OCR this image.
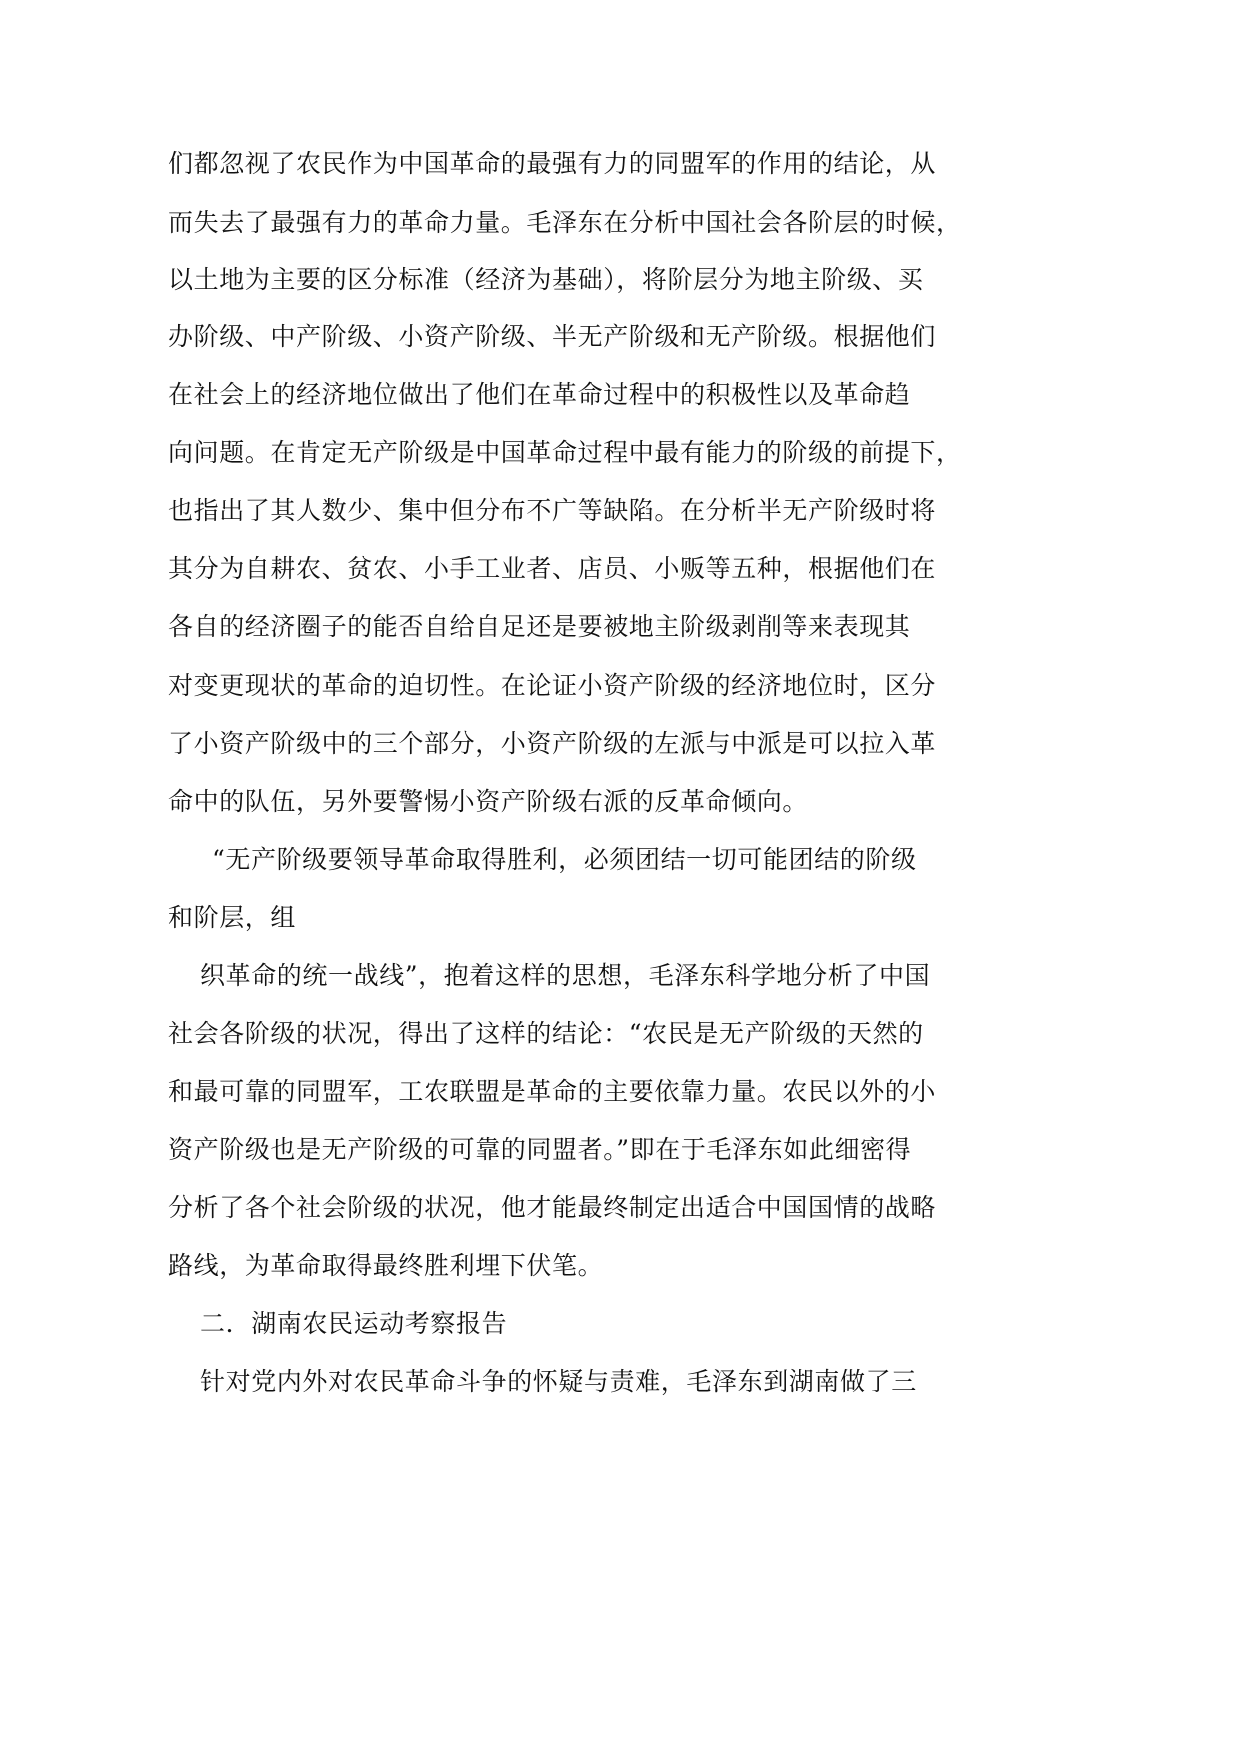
们都忽视了农民作为中国革命的最强有力的同盟军的作用的结论，从

而失去了最强有力的革命力量。毛泽东在分析中国社会各阶层的时候，

以土地为主要的区分标准（经济为基础），将阶层分为地主阶级、买

办阶级、中产阶级、小资产阶级、半无产阶级和无产阶级。根据他们

在社会上的经济地位做出了他们在革命过程中的积极性以及革命趋

向问题。在肯定无产阶级是中国革命过程中最有能力的阶级的前提下，

也指出了其人数少、集中但分布不广等缺陷。在分析半无产阶级时将

其分为自耕农、贫农、小手工业者、店员、小贩等五种，根据他们在

各自的经济圈子的能否自给自足还是要被地主阶级剥削等来表现其

对变更现状的革命的迫切性。在论证小资产阶级的经济地位时，区分

了小资产阶级中的三个部分，小资产阶级的左派与中派是可以拉入革

命中的队伍，另外要警惕小资产阶级右派的反革命倾向。

“无产阶级要领导革命取得胜利，必须团结一切可能团结的阶级

和阶层，组

织革命的统一战线”，抱着这样的思想，毛泽东科学地分析了中国

社会各阶级的状况，得出了这样的结论：“农民是无产阶级的天然的

和最可靠的同盟军，工农联盟是革命的主要依靠力量。农民以外的小

资产阶级也是无产阶级的可靠的同盟者。”即在于毛泽东如此细密得

分析了各个社会阶级的状况，他才能最终制定出适合中国国情的战略

路线，为革命取得最终胜利埋下伏笔。

二．湖南农民运动考察报告

针对党内外对农民革命斗争的怀疑与责难，毛泽东到湖南做了三
